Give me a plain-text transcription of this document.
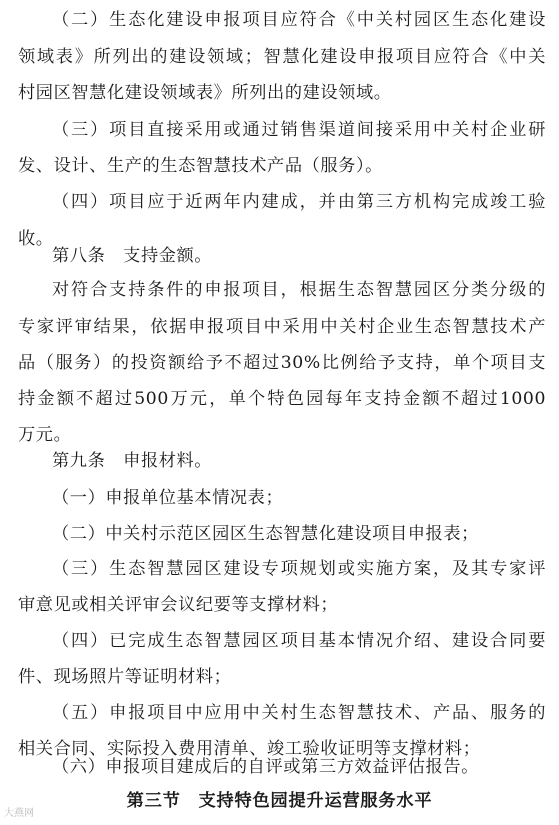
（二）生态化建设申报项目应符合《中关村园区生态化建设
领域表》所列出的建设领域；智慧化建设申报项目应符合《中关
村园区智慧化建设领域表》所列出的建设领域。
（三）项目直接采用或通过销售渠道间接采用中关村企业研
发、设计、生产的生态智慧技术产品（服务）。
（四）项目应于近两年内建成，并由第三方机构完成竣工验
收。
第八条　支持金额。
对符合支持条件的申报项目，根据生态智慧园区分类分级的
专家评审结果，依据申报项目中采用中关村企业生态智慧技术产
品（服务）的投资额给予不超过30%比例给予支持，单个项目支
持金额不超过500万元，单个特色园每年支持金额不超过1000
万元。
第九条　申报材料。
（一）申报单位基本情况表；
（二）中关村示范区园区生态智慧化建设项目申报表；
（三）生态智慧园区建设专项规划或实施方案，及其专家评
审意见或相关评审会议纪要等支撑材料；
（四）已完成生态智慧园区项目基本情况介绍、建设合同要
件、现场照片等证明材料；
（五）申报项目中应用中关村生态智慧技术、产品、服务的
相关合同、实际投入费用清单、竣工验收证明等支撑材料；
（六）申报项目建成后的自评或第三方效益评估报告。
第三节　支持特色园提升运营服务水平
大燕网
